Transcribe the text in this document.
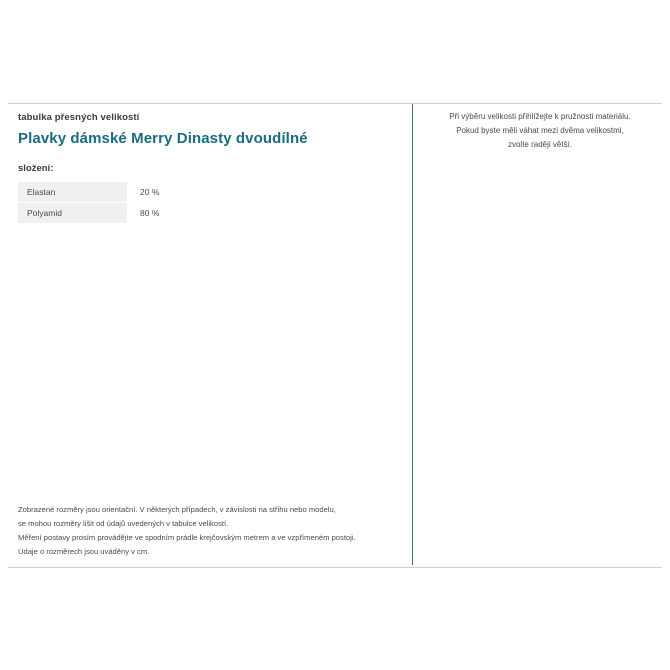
tabulka přesných velikostí
Plavky dámské Merry Dinasty dvoudílné
složení:
Elastan	20 %
Polyamid	80 %

Zobrazené rozměry jsou orientační. V některých případech, v závislosti na střihu nebo modelu,

se mohou rozměry lišit od údajů uvedených v tabulce velikostí.

Měření postavy prosím provádějte ve spodním prádle krejčovským metrem a ve vzpřímeném postoji.

Údaje o rozměrech jsou uváděny v cm.

Při výběru velikosti přihlížejte k pružnosti materiálu.

Pokud byste měli váhat mezi dvěma velikostmi,

zvolte raději větší.
